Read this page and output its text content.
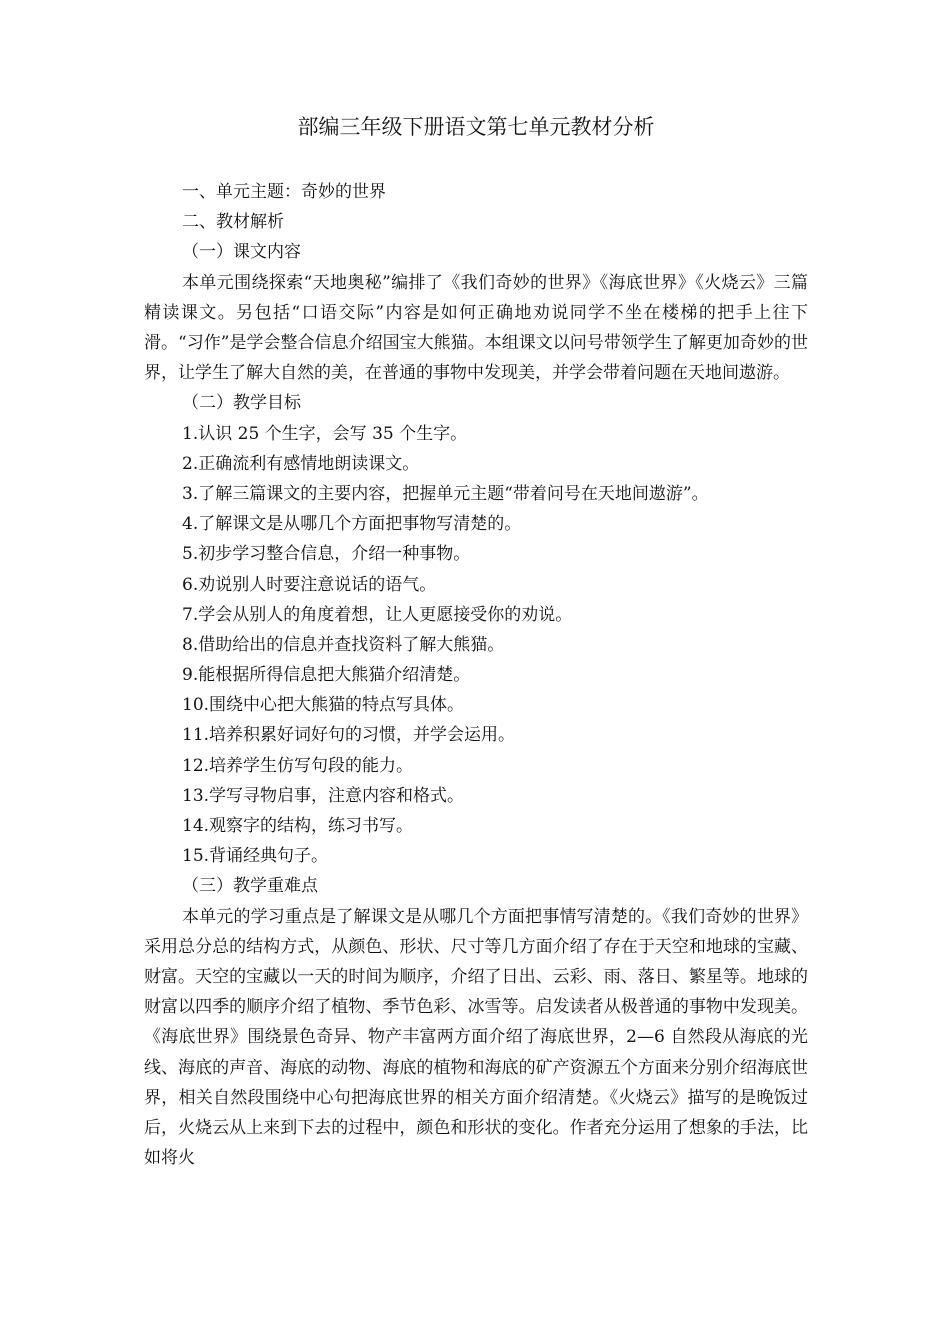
部编三年级下册语文第七单元教材分析
一、单元主题：奇妙的世界
二、教材解析
（一）课文内容

本单元围绕探索“天地奥秘”编排了《我们奇妙的世界》《海底世界》《火烧云》三篇精读课文。另包括“口语交际”内容是如何正确地劝说同学不坐在楼梯的把手上往下滑。“习作”是学会整合信息介绍国宝大熊猫。本组课文以问号带领学生了解更加奇妙的世界，让学生了解大自然的美，在普通的事物中发现美，并学会带着问题在天地间遨游。

（二）教学目标
1.认识 25 个生字，会写 35 个生字。
2.正确流利有感情地朗读课文。
3.了解三篇课文的主要内容，把握单元主题“带着问号在天地间遨游”。
4.了解课文是从哪几个方面把事物写清楚的。
5.初步学习整合信息，介绍一种事物。
6.劝说别人时要注意说话的语气。
7.学会从别人的角度着想，让人更愿接受你的劝说。
8.借助给出的信息并查找资料了解大熊猫。
9.能根据所得信息把大熊猫介绍清楚。
10.围绕中心把大熊猫的特点写具体。
11.培养积累好词好句的习惯，并学会运用。
12.培养学生仿写句段的能力。
13.学写寻物启事，注意内容和格式。
14.观察字的结构，练习书写。
15.背诵经典句子。
（三）教学重难点

本单元的学习重点是了解课文是从哪几个方面把事情写清楚的。《我们奇妙的世界》采用总分总的结构方式，从颜色、形状、尺寸等几方面介绍了存在于天空和地球的宝藏、财富。天空的宝藏以一天的时间为顺序，介绍了日出、云彩、雨、落日、繁星等。地球的财富以四季的顺序介绍了植物、季节色彩、冰雪等。启发读者从极普通的事物中发现美。《海底世界》围绕景色奇异、物产丰富两方面介绍了海底世界，2—6 自然段从海底的光线、海底的声音、海底的动物、海底的植物和海底的矿产资源五个方面来分别介绍海底世界，相关自然段围绕中心句把海底世界的相关方面介绍清楚。《火烧云》描写的是晚饭过后，火烧云从上来到下去的过程中，颜色和形状的变化。作者充分运用了想象的手法，比如将火
